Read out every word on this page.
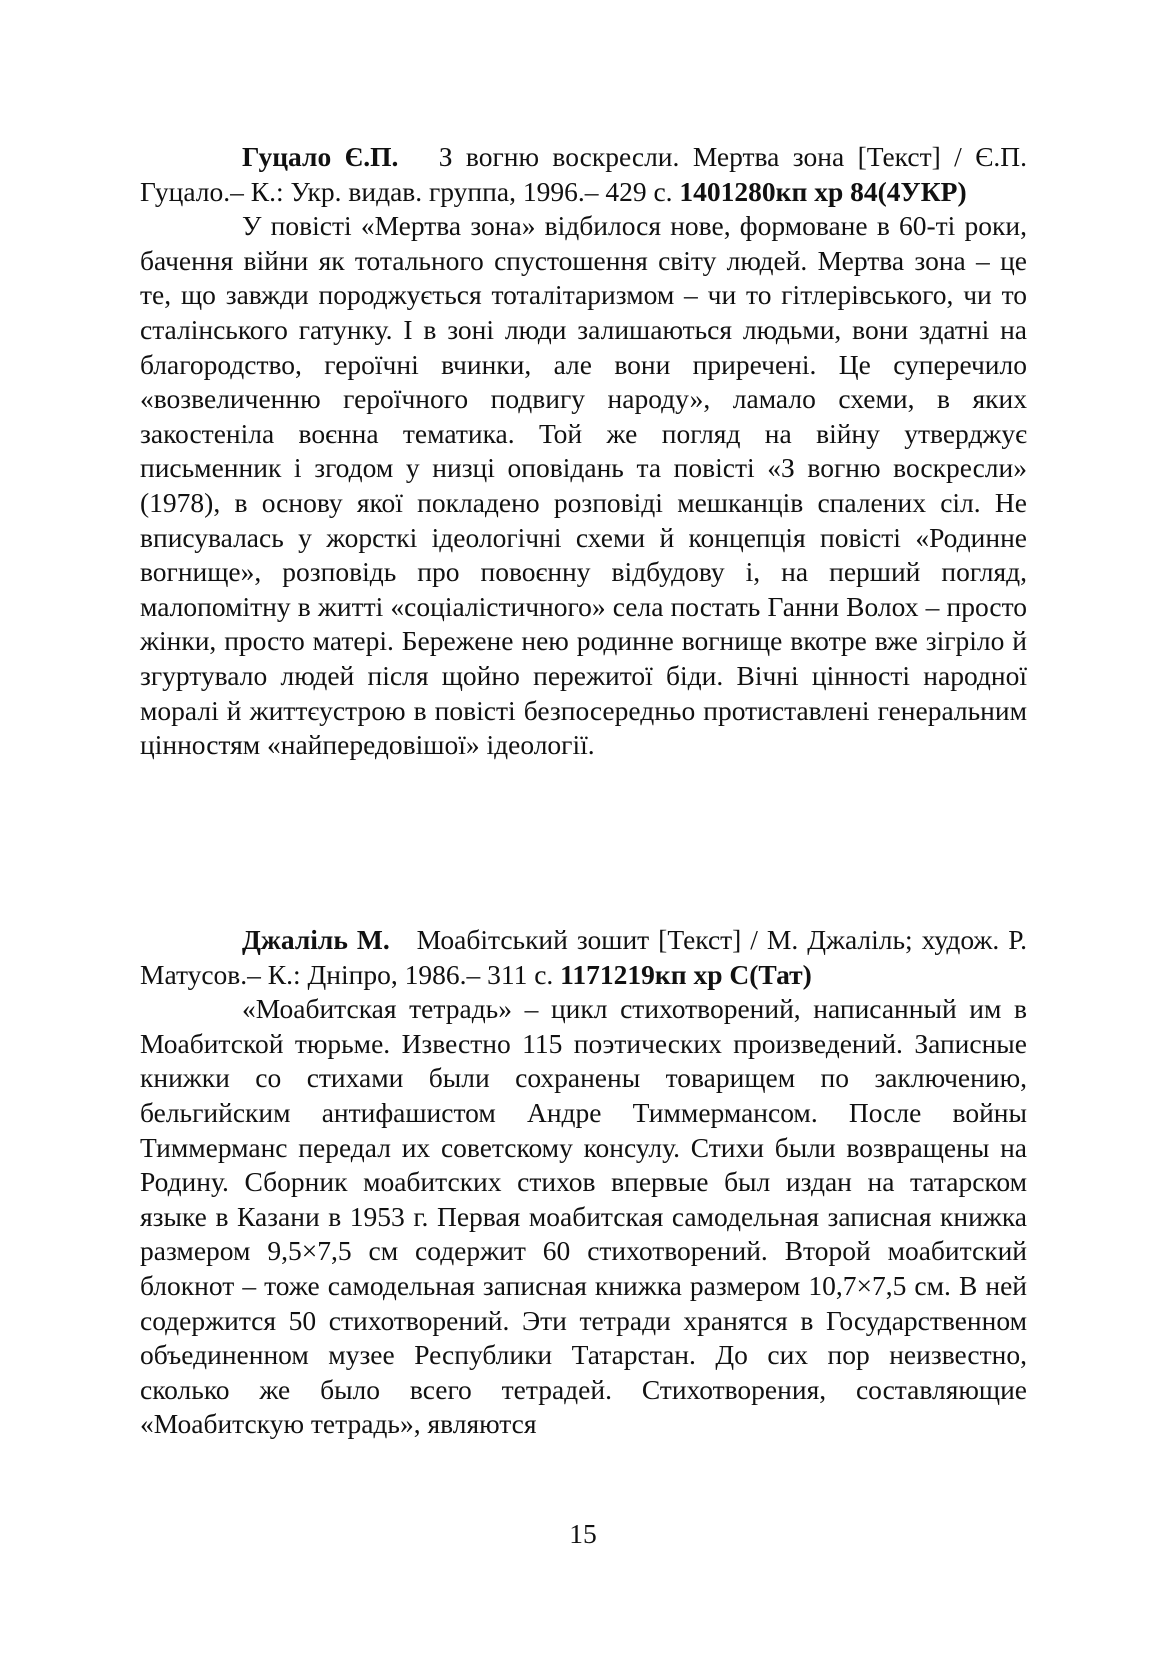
Гуцало Є.П. З вогню воскресли. Мертва зона [Текст] / Є.П. Гуцало.– К.: Укр. видав. группа, 1996.– 429 с. 1401280кп хр 84(4УКР)

У повісті «Мертва зона» відбилося нове, формоване в 60-ті роки, бачення війни як тотального спустошення світу людей. Мертва зона – це те, що завжди породжується тоталітаризмом – чи то гітлерівського, чи то сталінського гатунку. І в зоні люди залишаються людьми, вони здатні на благородство, героїчні вчинки, але вони приречені. Це суперечило «возвеличенню героїчного подвигу народу», ламало схеми, в яких закостеніла воєнна тематика. Той же погляд на війну утверджує письменник і згодом у низці оповідань та повісті «З вогню воскресли» (1978), в основу якої покладено розповіді мешканців спалених сіл. Не вписувалась у жорсткі ідеологічні схеми й концепція повісті «Родинне вогнище», розповідь про повоєнну відбудову і, на перший погляд, малопомітну в житті «соціалістичного» села постать Ганни Волох – просто жінки, просто матері. Бережене нею родинне вогнище вкотре вже зігріло й згуртувало людей після щойно пережитої біди. Вічні цінності народної моралі й життєустрою в повісті безпосередньо протиставлені генеральним цінностям «найпередовішої» ідеології.

Джаліль М. Моабітський зошит [Текст] / М. Джаліль; худож. Р. Матусов.– К.: Дніпро, 1986.– 311 с. 1171219кп хр С(Тат)

«Моабитская тетрадь» – цикл стихотворений, написанный им в Моабитской тюрьме. Известно 115 поэтических произведений. Записные книжки со стихами были сохранены товарищем по заключению, бельгийским антифашистом Андре Тиммермансом. После войны Тиммерманс передал их советскому консулу. Стихи были возвращены на Родину. Сборник моабитских стихов впервые был издан на татарском языке в Казани в 1953 г. Первая моабитская самодельная записная книжка размером 9,5×7,5 см содержит 60 стихотворений. Второй моабитский блокнот – тоже самодельная записная книжка размером 10,7×7,5 см. В ней содержится 50 стихотворений. Эти тетради хранятся в Государственном объединенном музее Республики Татарстан. До сих пор неизвестно, сколько же было всего тетрадей. Стихотворения, составляющие «Моабитскую тетрадь», являются

15
